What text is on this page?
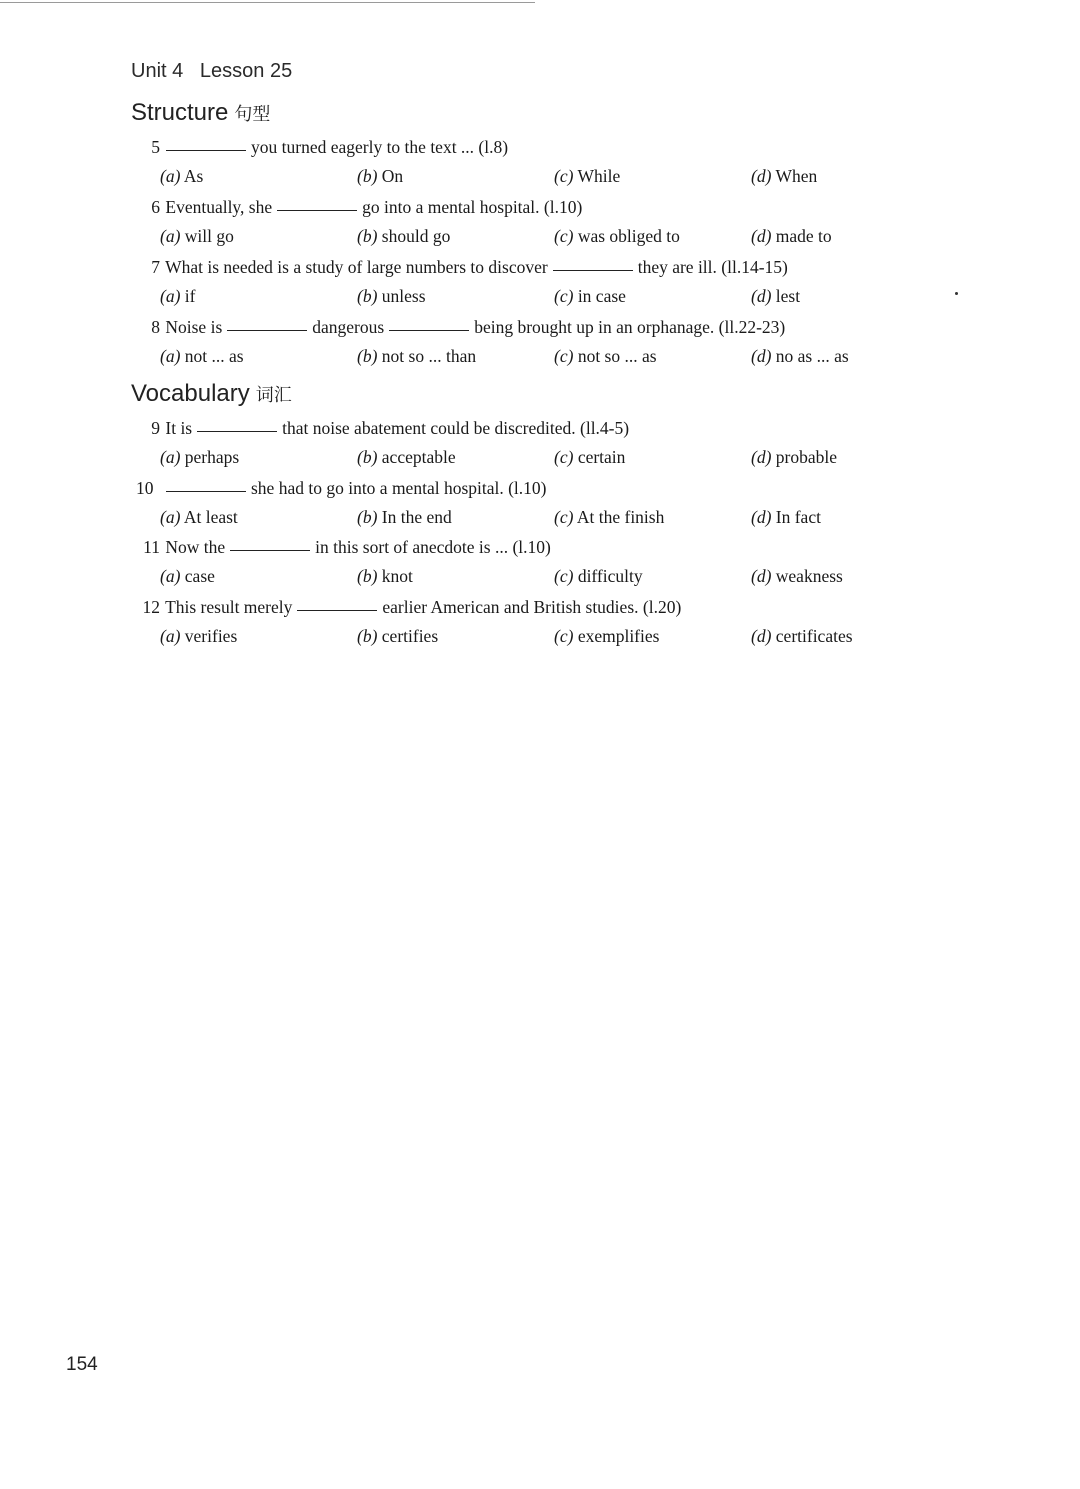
Unit 4 Lesson 25
Structure 句型
5	you turned eagerly to the text ... (l.8)
(a) As	(b) On	(c) While	(d) When
6 Eventually, she	go into a mental hospital. (l.10)
(a) will go	(b) should go	(c) was obliged to	(d) made to
7 What is needed is a study of large numbers to discover	they are ill. (ll.14-15)
(a) if	(b) unless	(c) in case	(d) lest
8 Noise is	dangerous	being brought up in an orphanage. (ll.22-23)
(a) not ... as	(b) not so ... than	(c) not so ... as	(d) no as ... as
Vocabulary 词汇
9 It is	that noise abatement could be discredited. (ll.4-5)
(a) perhaps	(b) acceptable	(c) certain	(d) probable
10	she had to go into a mental hospital. (l.10)
(a) At least	(b) In the end	(c) At the finish	(d) In fact
11 Now the	in this sort of anecdote is ... (l.10)
(a) case	(b) knot	(c) difficulty	(d) weakness
12 This result merely	earlier American and British studies. (l.20)
(a) verifies	(b) certifies	(c) exemplifies	(d) certificates
154
